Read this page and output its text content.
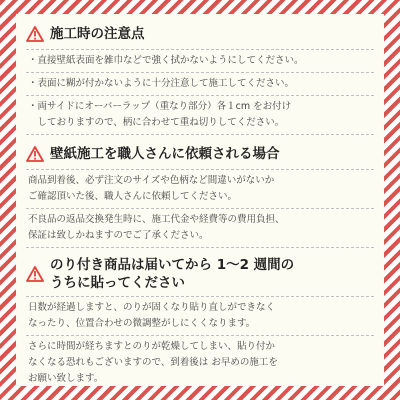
施工時の注意点
・直接壁紙表面を雑巾などで強く拭かないようにしてください。
・表面に糊が付かないように十分注意して施工してください。
・両サイドにオーバーラップ（重なり部分）各１cm をお付け
　しておりますので、柄に合わせて重ね切りしてください。
壁紙施工を職人さんに依頼される場合
商品到着後、必ず注文のサイズや色柄など間違いがないか
ご確認頂いた後、職人さんに依頼してください。
不良品の返品交換発生時に、施工代金や経費等の費用負担、
保証は致しかねますのでご了承ください。
のり付き商品は届いてから 1〜2 週間の
うちに貼ってください
日数が経過しますと、のりが固くなり貼り直しができなく
なったり、位置合わせの微調整がしにくくなります。
さらに時間が経ちますとのりが乾燥してしまい、貼り付か
なくなる恐れもございますので、到着後は お早めの施工を
お願い致します。
